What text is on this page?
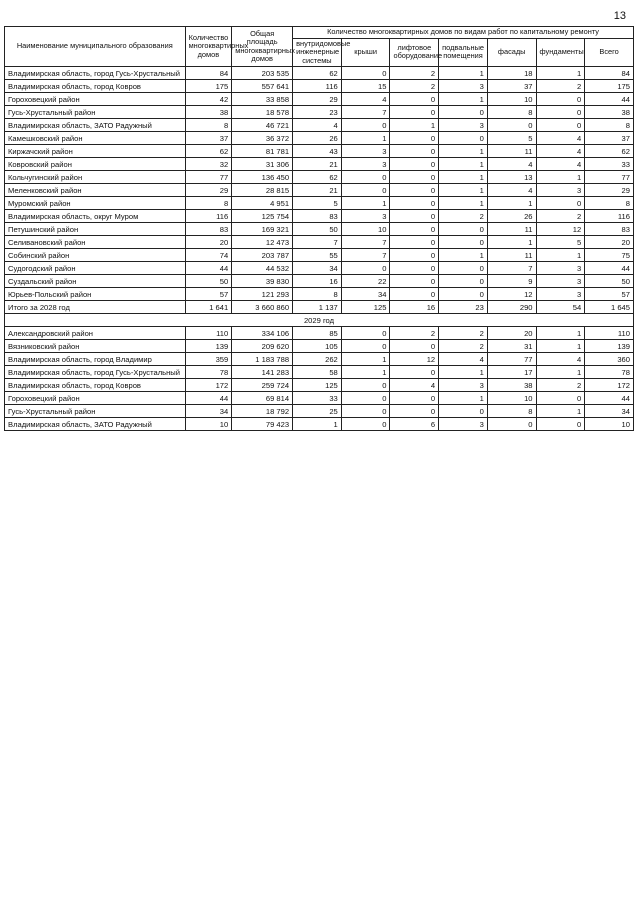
13
Наименование муниципального образования	Количество многоквартирных домов	Общая площадь многоквартирных домов	Количество многоквартирных домов по видам работ по капитальному ремонту						
			внутридомовые инженерные системы	крыши	лифтовое оборудование	подвальные помещения	фасады	фундаменты	Всего
Владимирская область, город Гусь-Хрустальный	84	203 535	62	0	2	1	18	1	84
Владимирская область, город Ковров	175	557 641	116	15	2	3	37	2	175
Гороховецкий район	42	33 858	29	4	0	1	10	0	44
Гусь-Хрустальный район	38	18 578	23	7	0	0	8	0	38
Владимирская область, ЗАТО Радужный	8	46 721	4	0	1	3	0	0	8
Камешковский район	37	36 372	26	1	0	0	5	4	37
Киржачский район	62	81 781	43	3	0	1	11	4	62
Ковровский район	32	31 306	21	3	0	1	4	4	33
Кольчугинский район	77	136 450	62	0	0	1	13	1	77
Меленковский район	29	28 815	21	0	0	1	4	3	29
Муромский район	8	4 951	5	1	0	1	1	0	8
Владимирская область, округ Муром	116	125 754	83	3	0	2	26	2	116
Петушинский район	83	169 321	50	10	0	0	11	12	83
Селивановский район	20	12 473	7	7	0	0	1	5	20
Собинский район	74	203 787	55	7	0	1	11	1	75
Судогодский район	44	44 532	34	0	0	0	7	3	44
Суздальский район	50	39 830	16	22	0	0	9	3	50
Юрьев-Польский район	57	121 293	8	34	0	0	12	3	57
Итого за 2028 год	1 641	3 660 860	1 137	125	16	23	290	54	1 645
2029 год									
Александровский район	110	334 106	85	0	2	2	20	1	110
Вязниковский район	139	209 620	105	0	0	2	31	1	139
Владимирская область, город Владимир	359	1 183 788	262	1	12	4	77	4	360
Владимирская область, город Гусь-Хрустальный	78	141 283	58	1	0	1	17	1	78
Владимирская область, город Ковров	172	259 724	125	0	4	3	38	2	172
Гороховецкий район	44	69 814	33	0	0	1	10	0	44
Гусь-Хрустальный район	34	18 792	25	0	0	0	8	1	34
Владимирская область, ЗАТО Радужный	10	79 423	1	0	6	3	0	0	10
